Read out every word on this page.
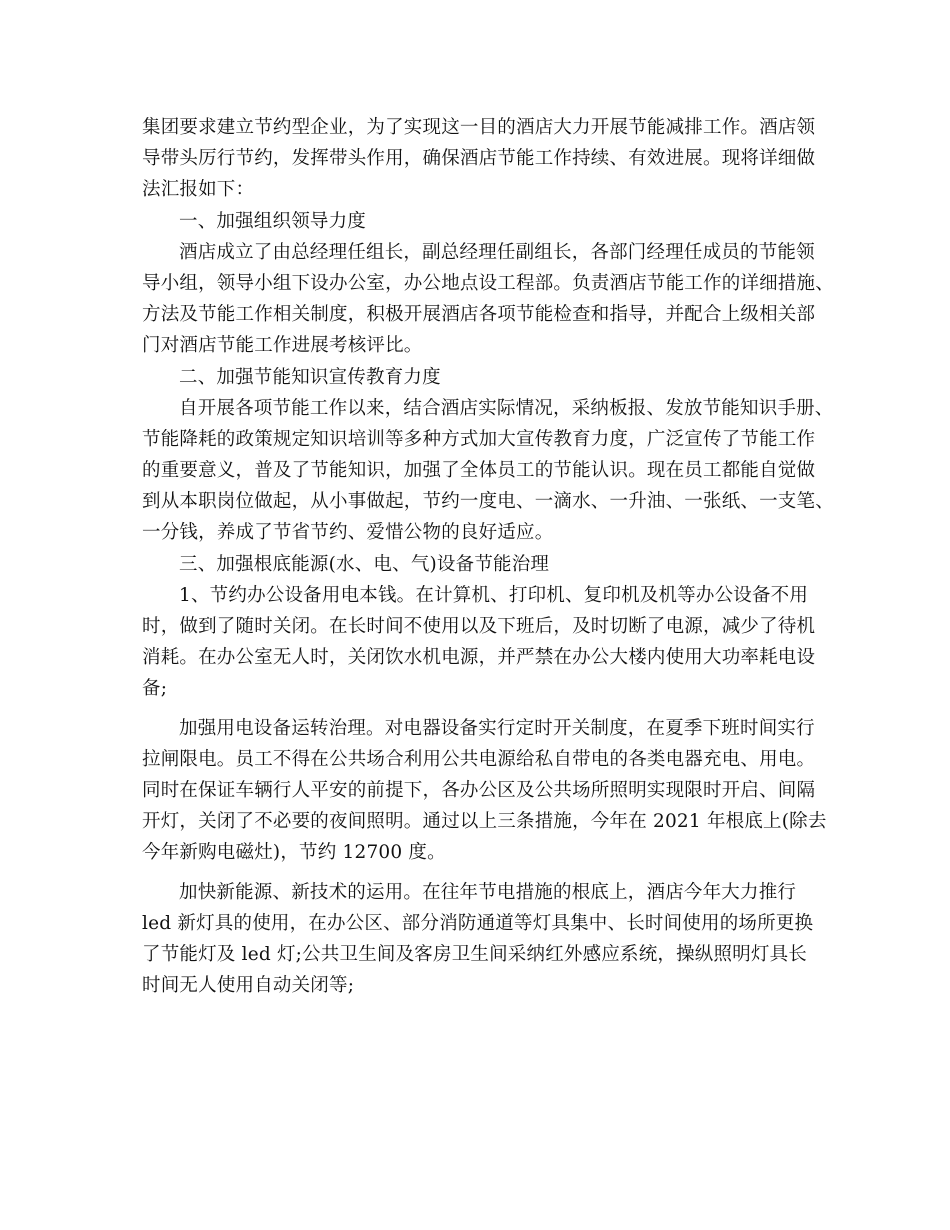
集团要求建立节约型企业，为了实现这一目的酒店大力开展节能减排工作。酒店领
导带头厉行节约，发挥带头作用，确保酒店节能工作持续、有效进展。现将详细做
法汇报如下：
一、加强组织领导力度
酒店成立了由总经理任组长，副总经理任副组长，各部门经理任成员的节能领
导小组，领导小组下设办公室，办公地点设工程部。负责酒店节能工作的详细措施、
方法及节能工作相关制度，积极开展酒店各项节能检查和指导，并配合上级相关部
门对酒店节能工作进展考核评比。
二、加强节能知识宣传教育力度
自开展各项节能工作以来，结合酒店实际情况，采纳板报、发放节能知识手册、
节能降耗的政策规定知识培训等多种方式加大宣传教育力度，广泛宣传了节能工作
的重要意义，普及了节能知识，加强了全体员工的节能认识。现在员工都能自觉做
到从本职岗位做起，从小事做起，节约一度电、一滴水、一升油、一张纸、一支笔、
一分钱，养成了节省节约、爱惜公物的良好适应。
三、加强根底能源(水、电、气)设备节能治理
1、节约办公设备用电本钱。在计算机、打印机、复印机及机等办公设备不用
时，做到了随时关闭。在长时间不使用以及下班后，及时切断了电源，减少了待机
消耗。在办公室无人时，关闭饮水机电源，并严禁在办公大楼内使用大功率耗电设
备;
加强用电设备运转治理。对电器设备实行定时开关制度，在夏季下班时间实行
拉闸限电。员工不得在公共场合利用公共电源给私自带电的各类电器充电、用电。
同时在保证车辆行人平安的前提下，各办公区及公共场所照明实现限时开启、间隔
开灯，关闭了不必要的夜间照明。通过以上三条措施，今年在 2021 年根底上(除去
今年新购电磁灶)，节约 12700 度。
加快新能源、新技术的运用。在往年节电措施的根底上，酒店今年大力推行
led 新灯具的使用，在办公区、部分消防通道等灯具集中、长时间使用的场所更换
了节能灯及 led 灯;公共卫生间及客房卫生间采纳红外感应系统，操纵照明灯具长
时间无人使用自动关闭等;
